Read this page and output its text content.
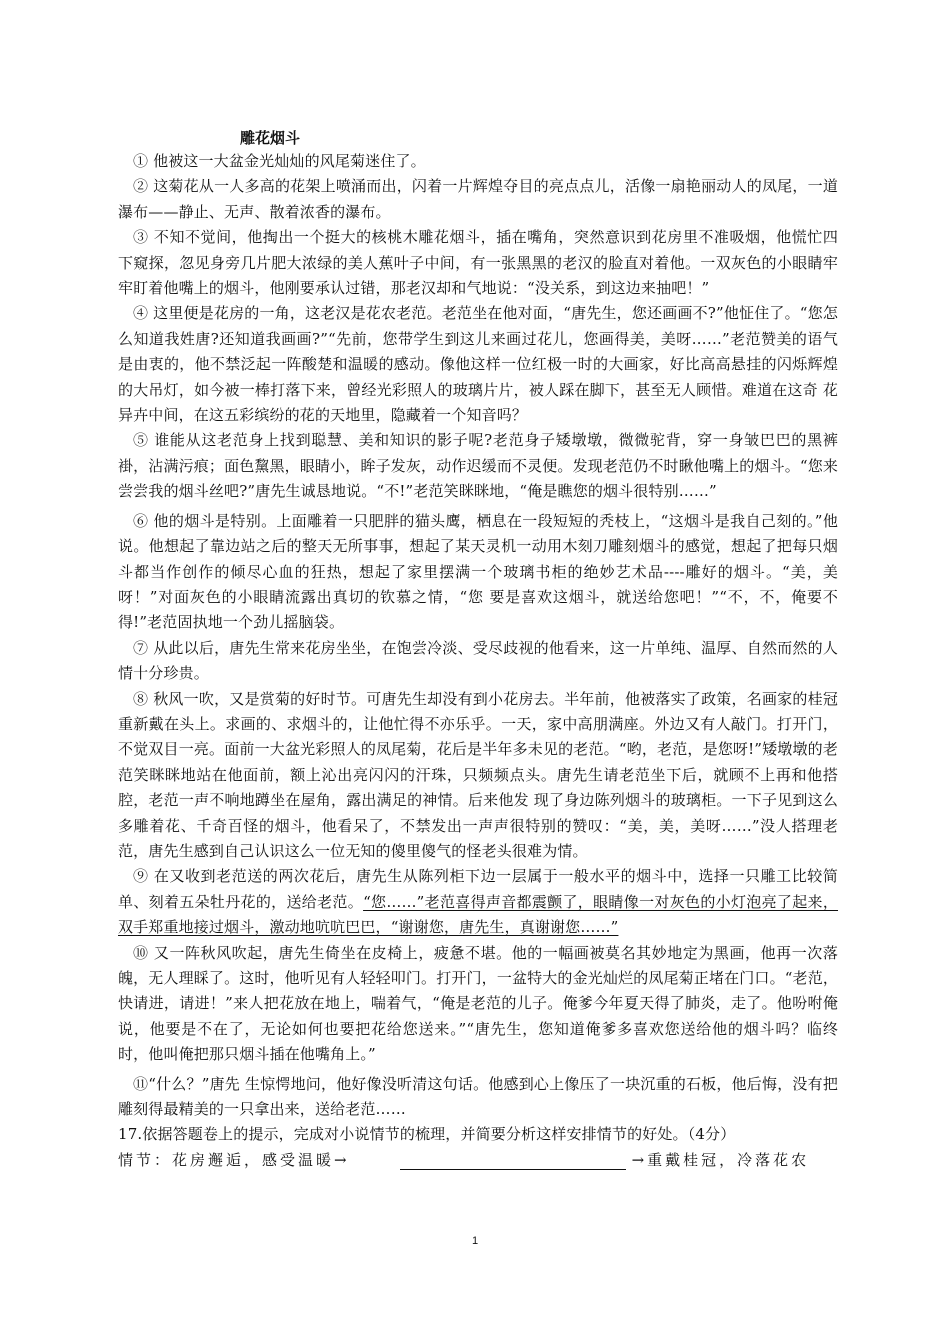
雕花烟斗

① 他被这一大盆金光灿灿的风尾菊迷住了。

② 这菊花从一人多高的花架上喷涌而出，闪着一片辉煌夺目的亮点点儿，活像一扇艳丽动人的凤尾，一道瀑布——静止、无声、散着浓香的瀑布。

③ 不知不觉间，他掏出一个挺大的核桃木雕花烟斗，插在嘴角，突然意识到花房里不准吸烟，他慌忙四 下窥探，忽见身旁几片肥大浓绿的美人蕉叶子中间，有一张黑黑的老汉的脸直对着他。一双灰色的小眼睛牢牢盯着他嘴上的烟斗，他刚要承认过错，那老汉却和气地说：“没关系，到这边来抽吧！”

④ 这里便是花房的一角，这老汉是花农老范。老范坐在他对面，“唐先生，您还画画不?”他怔住了。“您怎么知道我姓唐?还知道我画画?”“先前，您带学生到这儿来画过花儿，您画得美，美呀……”老范赞美的语气是由衷的，他不禁泛起一阵酸楚和温暖的感动。像他这样一位红极一时的大画家，好比高高悬挂的闪烁辉煌的大吊灯，如今被一棒打落下来，曾经光彩照人的玻璃片片，被人踩在脚下，甚至无人顾惜。难道在这奇 花异卉中间，在这五彩缤纷的花的天地里，隐藏着一个知音吗？

⑤ 谁能从这老范身上找到聪慧、美和知识的影子呢?老范身子矮墩墩，微微驼背，穿一身皱巴巴的黑裤褂，沾满污痕；面色黧黑，眼睛小，眸子发灰，动作迟缓而不灵便。发现老范仍不时瞅他嘴上的烟斗。“您来尝尝我的烟斗丝吧?”唐先生诚恳地说。“不!”老范笑眯眯地，“俺是瞧您的烟斗很特别……”

⑥ 他的烟斗是特别。上面雕着一只肥胖的猫头鹰，栖息在一段短短的秃枝上，“这烟斗是我自己刻的。”他说。他想起了靠边站之后的整天无所事事，想起了某天灵机一动用木刻刀雕刻烟斗的感觉，想起了把每只烟斗都当作创作的倾尽心血的狂热，想起了家里摆满一个玻璃书柜的绝妙艺术品----雕好的烟斗。“美，美呀！”对面灰色的小眼睛流露出真切的钦慕之情，“您 要是喜欢这烟斗，就送给您吧！”“不，不，俺要不得!”老范固执地一个劲儿摇脑袋。

⑦ 从此以后，唐先生常来花房坐坐，在饱尝冷淡、受尽歧视的他看来，这一片单纯、温厚、自然而然的人情十分珍贵。

⑧ 秋风一吹，又是赏菊的好时节。可唐先生却没有到小花房去。半年前，他被落实了政策，名画家的桂冠重新戴在头上。求画的、求烟斗的，让他忙得不亦乐乎。一天，家中高朋满座。外边又有人敲门。打开门，不觉双目一亮。面前一大盆光彩照人的凤尾菊，花后是半年多未见的老范。“哟，老范，是您呀!”矮墩墩的老范笑眯眯地站在他面前，额上沁出亮闪闪的汗珠，只频频点头。唐先生请老范坐下后，就顾不上再和他搭腔，老范一声不响地蹲坐在屋角，露出满足的神情。后来他发 现了身边陈列烟斗的玻璃柜。一下子见到这么多雕着花、千奇百怪的烟斗，他看呆了，不禁发出一声声很特别的赞叹：“美，美，美呀……”没人搭理老范，唐先生感到自己认识这么一位无知的傻里傻气的怪老头很难为情。

⑨ 在又收到老范送的两次花后，唐先生从陈列柜下边一层属于一般水平的烟斗中，选择一只雕工比较简单、刻着五朵牡丹花的，送给老范。“您……”老范喜得声音都震颤了，眼睛像一对灰色的小灯泡亮了起来，双手郑重地接过烟斗，激动地吭吭巴巴，“谢谢您，唐先生，真谢谢您……”

⑩ 又一阵秋风吹起，唐先生倚坐在皮椅上，疲惫不堪。他的一幅画被莫名其妙地定为黑画，他再一次落魄，无人理睬了。这时，他听见有人轻轻叩门。打开门，一盆特大的金光灿烂的凤尾菊正堵在门口。“老范，快请进，请进！”来人把花放在地上，喘着气，“俺是老范的儿子。俺爹今年夏天得了肺炎，走了。他吩咐俺说，他要是不在了，无论如何也要把花给您送来。”“唐先生，您知道俺爹多喜欢您送给他的烟斗吗？临终时，他叫俺把那只烟斗插在他嘴角上。”

⑪“什么？”唐先 生惊愕地问，他好像没听清这句话。他感到心上像压了一块沉重的石板，他后悔，没有把雕刻得最精美的一只拿出来，送给老范……

17.依据答题卷上的提示，完成对小说情节的梳理，并简要分析这样安排情节的好处。（4分）

情节：花房邂逅，感受温暖→	→重戴桂冠，冷落花农
1
